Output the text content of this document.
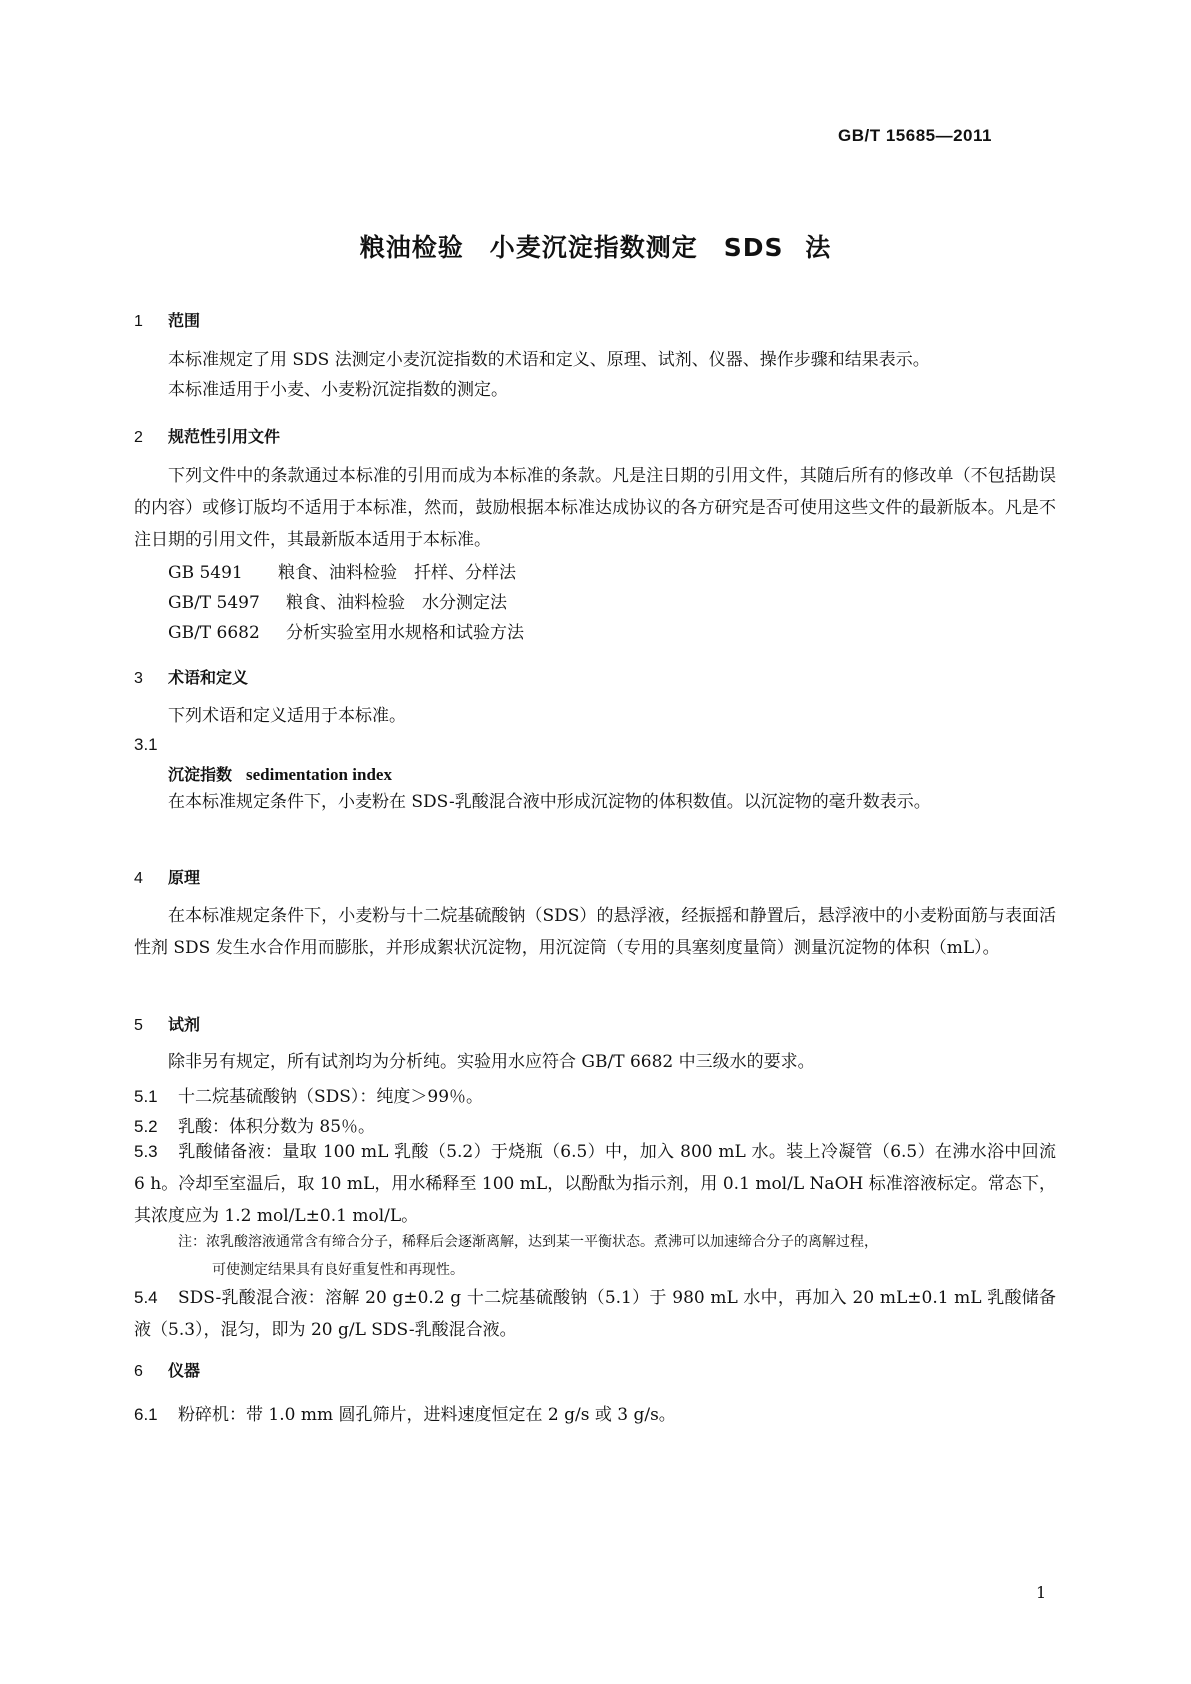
GB/T 15685—2011
粮油检验　小麦沉淀指数测定　SDS 法
1 范围
本标准规定了用 SDS 法测定小麦沉淀指数的术语和定义、原理、试剂、仪器、操作步骤和结果表示。
本标准适用于小麦、小麦粉沉淀指数的测定。
2 规范性引用文件
下列文件中的条款通过本标准的引用而成为本标准的条款。凡是注日期的引用文件，其随后所有的修改单（不包括勘误的内容）或修订版均不适用于本标准，然而，鼓励根据本标准达成协议的各方研究是否可使用这些文件的最新版本。凡是不注日期的引用文件，其最新版本适用于本标准。
GB 5491 粮食、油料检验　扦样、分样法
GB/T 5497 粮食、油料检验　水分测定法
GB/T 6682 分析实验室用水规格和试验方法
3 术语和定义
下列术语和定义适用于本标准。
3.1
沉淀指数 sedimentation index
在本标准规定条件下，小麦粉在 SDS-乳酸混合液中形成沉淀物的体积数值。以沉淀物的毫升数表示。
4 原理
在本标准规定条件下，小麦粉与十二烷基硫酸钠（SDS）的悬浮液，经振摇和静置后，悬浮液中的小麦粉面筋与表面活性剂 SDS 发生水合作用而膨胀，并形成絮状沉淀物，用沉淀筒（专用的具塞刻度量筒）测量沉淀物的体积（mL）。
5 试剂
除非另有规定，所有试剂均为分析纯。实验用水应符合 GB/T 6682 中三级水的要求。
5.1 十二烷基硫酸钠（SDS）：纯度＞99％。
5.2 乳酸：体积分数为 85％。
5.3 乳酸储备液：量取 100 mL 乳酸（5.2）于烧瓶（6.5）中，加入 800 mL 水。装上冷凝管（6.5）在沸水浴中回流 6 h。冷却至室温后，取 10 mL，用水稀释至 100 mL，以酚酞为指示剂，用 0.1 mol/L NaOH 标准溶液标定。常态下，其浓度应为 1.2 mol/L±0.1 mol/L。
注：浓乳酸溶液通常含有缔合分子，稀释后会逐渐离解，达到某一平衡状态。煮沸可以加速缔合分子的离解过程，
可使测定结果具有良好重复性和再现性。
5.4 SDS-乳酸混合液：溶解 20 g±0.2 g 十二烷基硫酸钠（5.1）于 980 mL 水中，再加入 20 mL±0.1 mL 乳酸储备液（5.3），混匀，即为 20 g/L SDS-乳酸混合液。
6 仪器
6.1 粉碎机：带 1.0 mm 圆孔筛片，进料速度恒定在 2 g/s 或 3 g/s。
1
